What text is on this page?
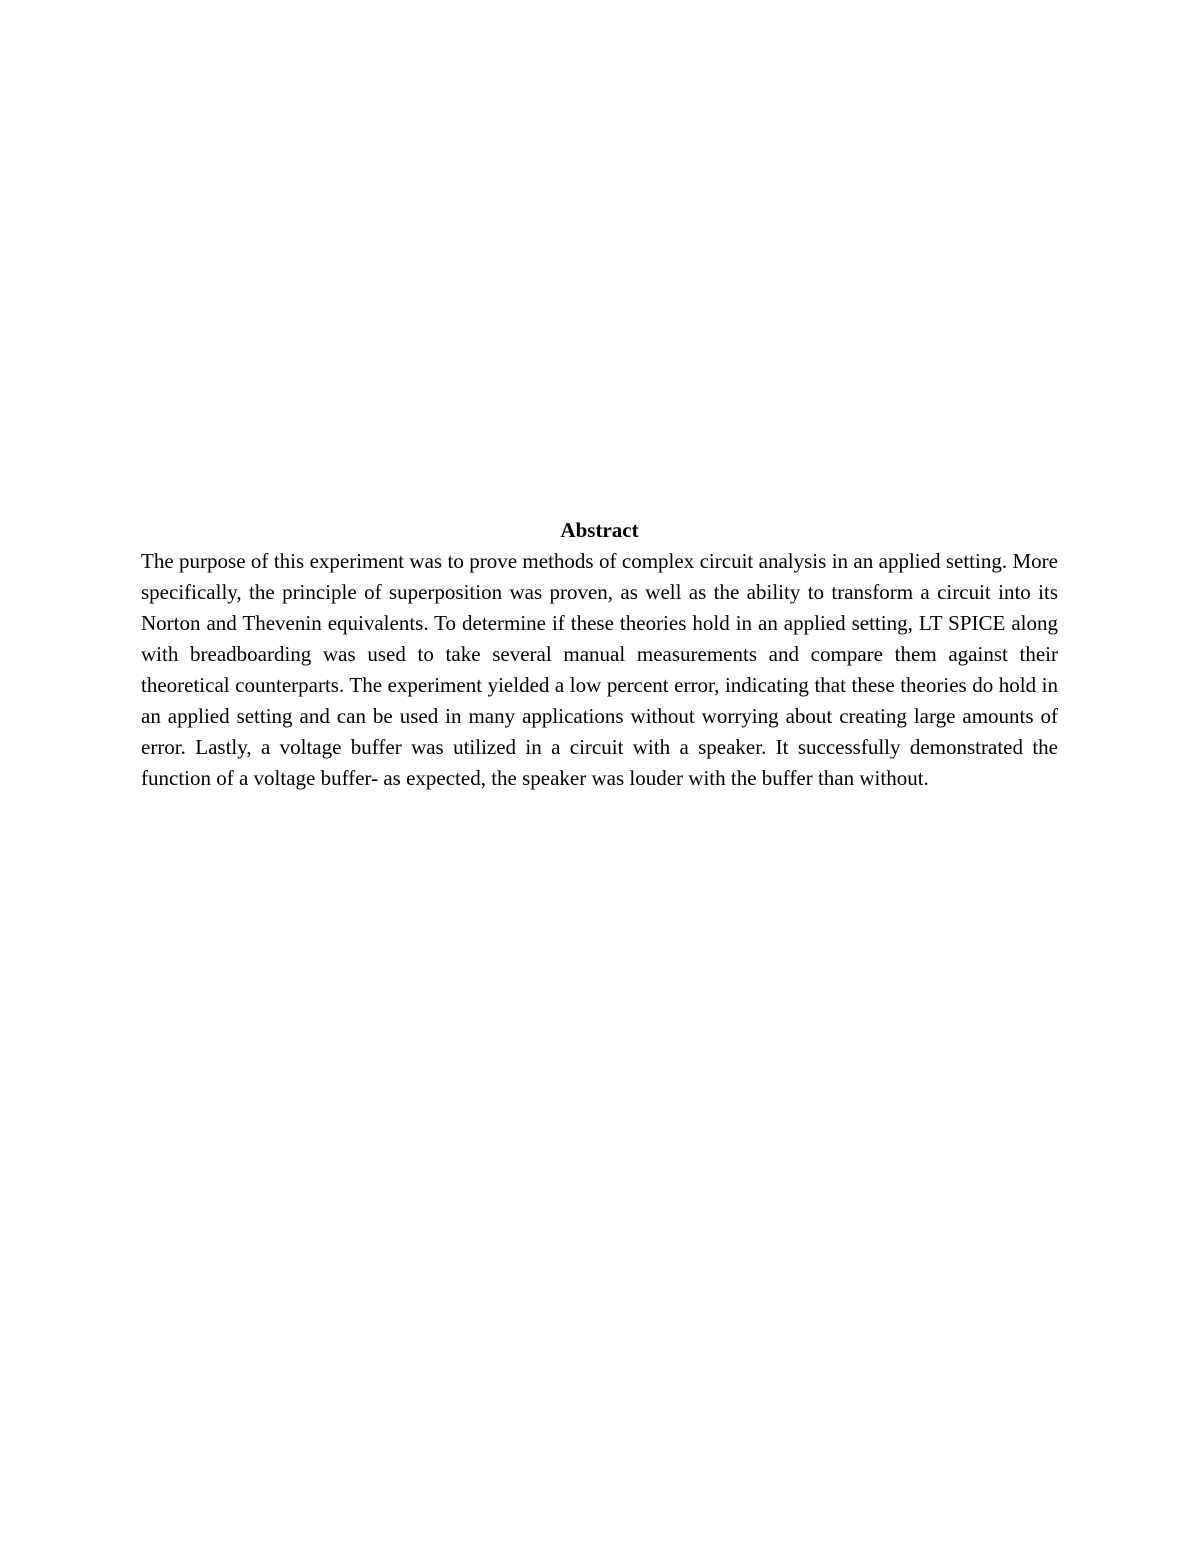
Abstract

The purpose of this experiment was to prove methods of complex circuit analysis in an applied setting. More specifically, the principle of superposition was proven, as well as the ability to transform a circuit into its Norton and Thevenin equivalents. To determine if these theories hold in an applied setting, LT SPICE along with breadboarding was used to take several manual measurements and compare them against their theoretical counterparts. The experiment yielded a low percent error, indicating that these theories do hold in an applied setting and can be used in many applications without worrying about creating large amounts of error. Lastly, a voltage buffer was utilized in a circuit with a speaker. It successfully demonstrated the function of a voltage buffer- as expected, the speaker was louder with the buffer than without.
